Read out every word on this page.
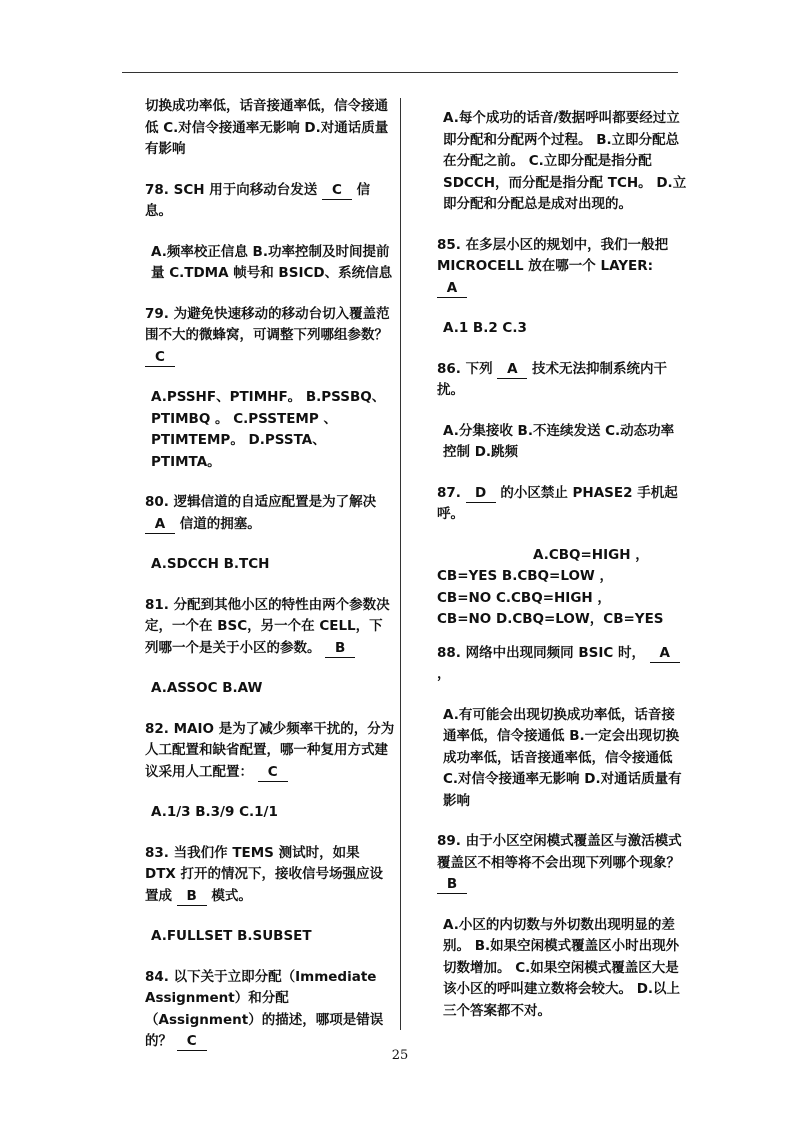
切换成功率低，话音接通率低，信令接通低 C.对信令接通率无影响 D.对通话质量有影响

78. SCH 用于向移动台发送 C 信息。

A.频率校正信息 B.功率控制及时间提前量 C.TDMA 帧号和 BSICD、系统信息

79. 为避免快速移动的移动台切入覆盖范围不大的微蜂窝，可调整下列哪组参数？ C

A.PSSHF、PTIMHF。 B.PSSBQ、PTIMBQ 。 C.PSSTEMP 、PTIMTEMP。 D.PSSTA、PTIMTA。

80. 逻辑信道的自适应配置是为了解决 A 信道的拥塞。

A.SDCCH B.TCH

81. 分配到其他小区的特性由两个参数决定，一个在 BSC，另一个在 CELL，下列哪一个是关于小区的参数。 B

A.ASSOC B.AW

82. MAIO 是为了减少频率干扰的，分为人工配置和缺省配置，哪一种复用方式建议采用人工配置： C

A.1/3 B.3/9 C.1/1

83. 当我们作 TEMS 测试时，如果 DTX 打开的情况下，接收信号场强应设置成 B 模式。

A.FULLSET B.SUBSET

84. 以下关于立即分配（Immediate Assignment）和分配（Assignment）的描述，哪项是错误的？ C

A.每个成功的话音/数据呼叫都要经过立即分配和分配两个过程。 B.立即分配总在分配之前。 C.立即分配是指分配 SDCCH，而分配是指分配 TCH。 D.立即分配和分配总是成对出现的。

85. 在多层小区的规划中，我们一般把 MICROCELL 放在哪一个 LAYER: A

A.1 B.2 C.3

86. 下列 A 技术无法抑制系统内干扰。

A.分集接收 B.不连续发送 C.动态功率控制 D.跳频

87. D 的小区禁止 PHASE2 手机起呼。

A.CBQ=HIGH ，

CB=YES B.CBQ=LOW ，

CB=NO C.CBQ=HIGH ，

CB=NO D.CBQ=LOW，CB=YES

88. 网络中出现同频同 BSIC 时， A ，

A.有可能会出现切换成功率低，话音接通率低，信令接通低 B.一定会出现切换成功率低，话音接通率低，信令接通低 C.对信令接通率无影响 D.对通话质量有影响

89. 由于小区空闲模式覆盖区与激活模式覆盖区不相等将不会出现下列哪个现象？ B

A.小区的内切数与外切数出现明显的差别。 B.如果空闲模式覆盖区小时出现外切数增加。 C.如果空闲模式覆盖区大是该小区的呼叫建立数将会较大。 D.以上三个答案都不对。

25
